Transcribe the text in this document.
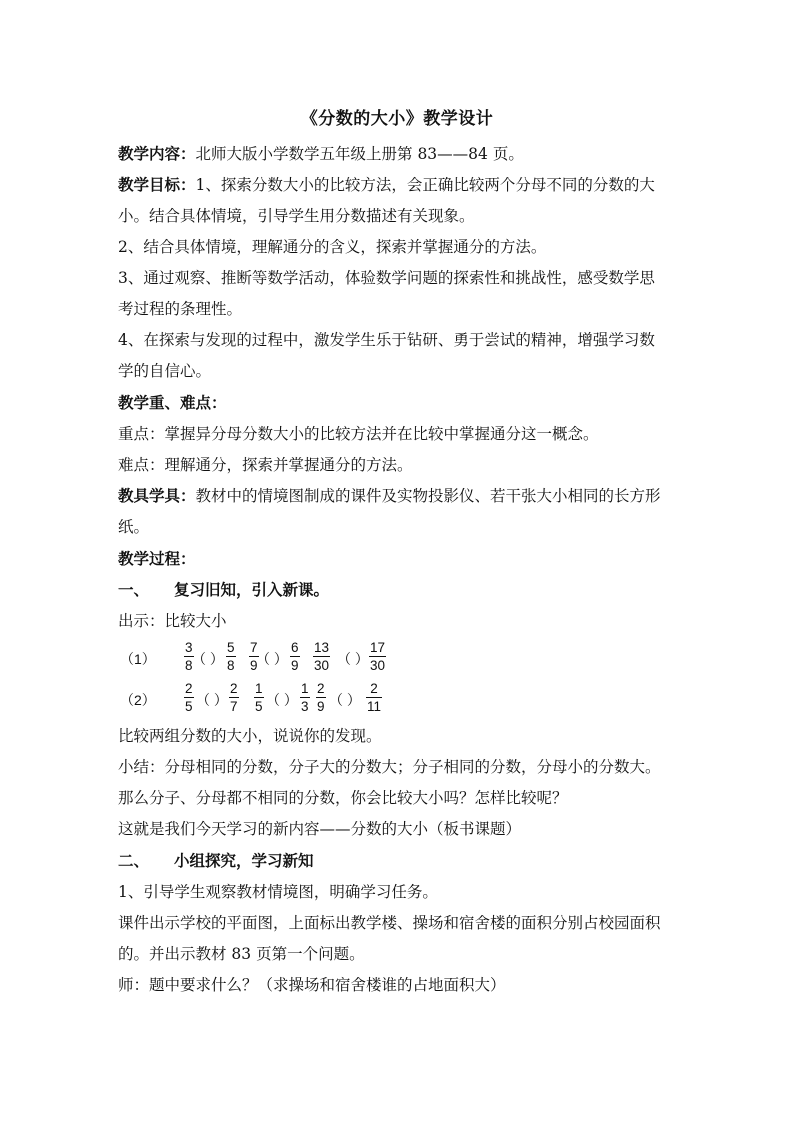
《分数的大小》教学设计
教学内容：北师大版小学数学五年级上册第 83——84 页。
教学目标：1、探索分数大小的比较方法，会正确比较两个分母不同的分数的大
小。结合具体情境，引导学生用分数描述有关现象。
2、结合具体情境，理解通分的含义，探索并掌握通分的方法。
3、通过观察、推断等数学活动，体验数学问题的探索性和挑战性，感受数学思
考过程的条理性。
4、在探索与发现的过程中，激发学生乐于钻研、勇于尝试的精神，增强学习数
学的自信心。
教学重、难点：
重点：掌握异分母分数大小的比较方法并在比较中掌握通分这一概念。
难点：理解通分，探索并掌握通分的方法。
教具学具：教材中的情境图制成的课件及实物投影仪、若干张大小相同的长方形
纸。
教学过程：
一、 复习旧知，引入新课。
出示：比较大小
$(1) \frac{3}{8}$
（ ） $\frac{5}{8} \frac{7}{9}$
（ ） $\frac{6}{9} \frac{13}{30}$ （ ） $\frac{17}{30}$
$(2) \frac{2}{5}$ （ ） $\frac{2}{7} \frac{1}{5}$ （ ） $\frac{1}{3} \frac{2}{9}$ （ ） $\frac{2}{11}$
比较两组分数的大小，说说你的发现。
小结：分母相同的分数，分子大的分数大；分子相同的分数，分母小的分数大。
那么分子、分母都不相同的分数，你会比较大小吗？怎样比较呢？
这就是我们今天学习的新内容——分数的大小（板书课题）
二、 小组探究，学习新知
1、引导学生观察教材情境图，明确学习任务。
课件出示学校的平面图，上面标出教学楼、操场和宿舍楼的面积分别占校园面积
的。并出示教材 83 页第一个问题。
师：题中要求什么？（求操场和宿舍楼谁的占地面积大）
